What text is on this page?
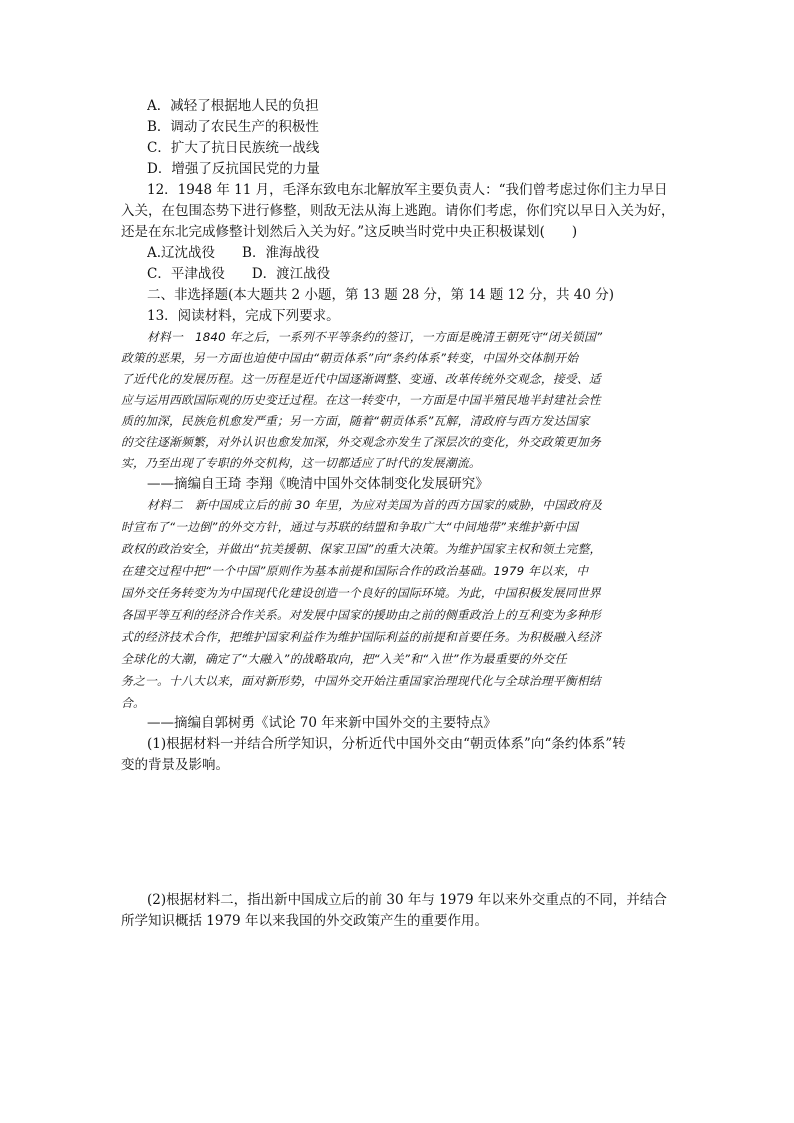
A．减轻了根据地人民的负担
B．调动了农民生产的积极性
C．扩大了抗日民族统一战线
D．增强了反抗国民党的力量
12．1948 年 11 月，毛泽东致电东北解放军主要负责人：“我们曾考虑过你们主力早日
入关，在包围态势下进行修整，则敌无法从海上逃跑。请你们考虑，你们究以早日入关为好，
还是在东北完成修整计划然后入关为好。”这反映当时党中央正积极谋划(　　)
A.辽沈战役　　B．淮海战役
C．平津战役　　D．渡江战役
二、非选择题(本大题共 2 小题，第 13 题 28 分，第 14 题 12 分，共 40 分)
13．阅读材料，完成下列要求。
材料一　1840 年之后，一系列不平等条约的签订，一方面是晚清王朝死守“闭关锁国”
政策的恶果，另一方面也迫使中国由“朝贡体系”向“条约体系”转变，中国外交体制开始
了近代化的发展历程。这一历程是近代中国逐渐调整、变通、改革传统外交观念，接受、适
应与运用西欧国际观的历史变迁过程。在这一转变中，一方面是中国半殖民地半封建社会性
质的加深，民族危机愈发严重；另一方面，随着“朝贡体系”瓦解，清政府与西方发达国家
的交往逐渐频繁，对外认识也愈发加深，外交观念亦发生了深层次的变化，外交政策更加务
实，乃至出现了专职的外交机构，这一切都适应了时代的发展潮流。
——摘编自王琦 李翔《晚清中国外交体制变化发展研究》
材料二　新中国成立后的前 30 年里，为应对美国为首的西方国家的威胁，中国政府及
时宣布了“一边倒”的外交方针，通过与苏联的结盟和争取广大“中间地带”来维护新中国
政权的政治安全，并做出“抗美援朝、保家卫国”的重大决策。为维护国家主权和领土完整，
在建交过程中把“一个中国”原则作为基本前提和国际合作的政治基础。1979 年以来，中
国外交任务转变为为中国现代化建设创造一个良好的国际环境。为此，中国积极发展同世界
各国平等互利的经济合作关系。对发展中国家的援助由之前的侧重政治上的互利变为多种形
式的经济技术合作，把维护国家利益作为维护国际利益的前提和首要任务。为积极融入经济
全球化的大潮，确定了“大融入”的战略取向，把“入关”和“入世”作为最重要的外交任
务之一。十八大以来，面对新形势，中国外交开始注重国家治理现代化与全球治理平衡相结
合。
——摘编自郭树勇《试论 70 年来新中国外交的主要特点》
(1)根据材料一并结合所学知识，分析近代中国外交由“朝贡体系”向“条约体系”转
变的背景及影响。
(2)根据材料二，指出新中国成立后的前 30 年与 1979 年以来外交重点的不同，并结合
所学知识概括 1979 年以来我国的外交政策产生的重要作用。
